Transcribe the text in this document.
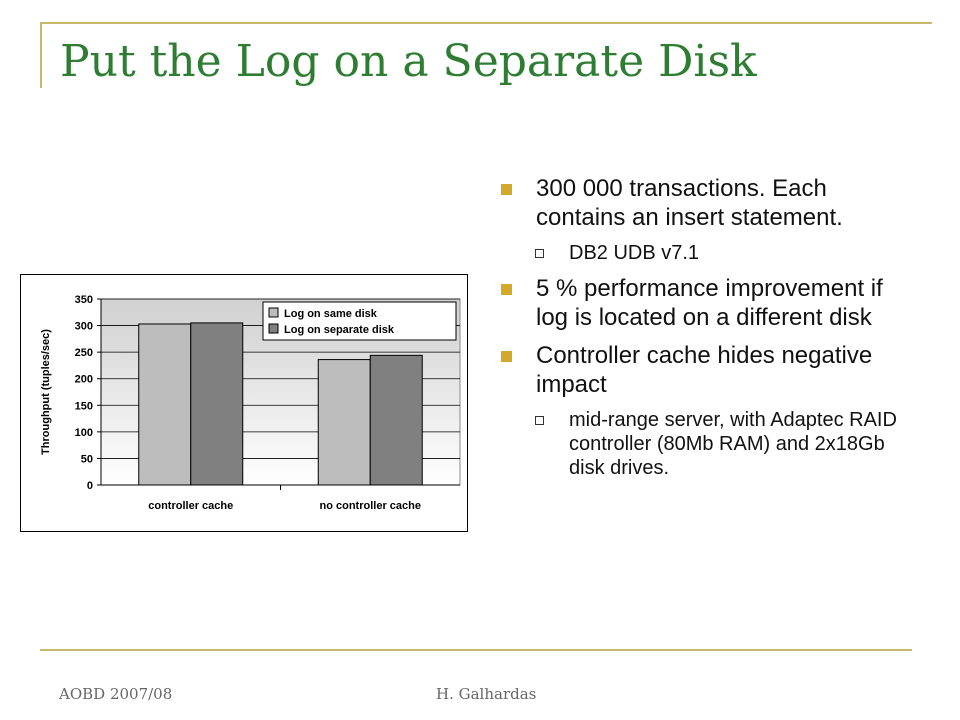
Put the Log on a Separate Disk
300 000 transactions. Each contains an insert statement.
DB2 UDB v7.1
5 % performance improvement if log is located on a different disk
Controller cache hides negative impact
mid-range server, with Adaptec RAID controller (80Mb RAM) and 2x18Gb disk drives.
0
50
100
150
200
250
300
350
controller cache	no controller cache
Throughput (tuples/sec)
Log on same disk
Log on separate disk
AOBD 2007/08	H. Galhardas
